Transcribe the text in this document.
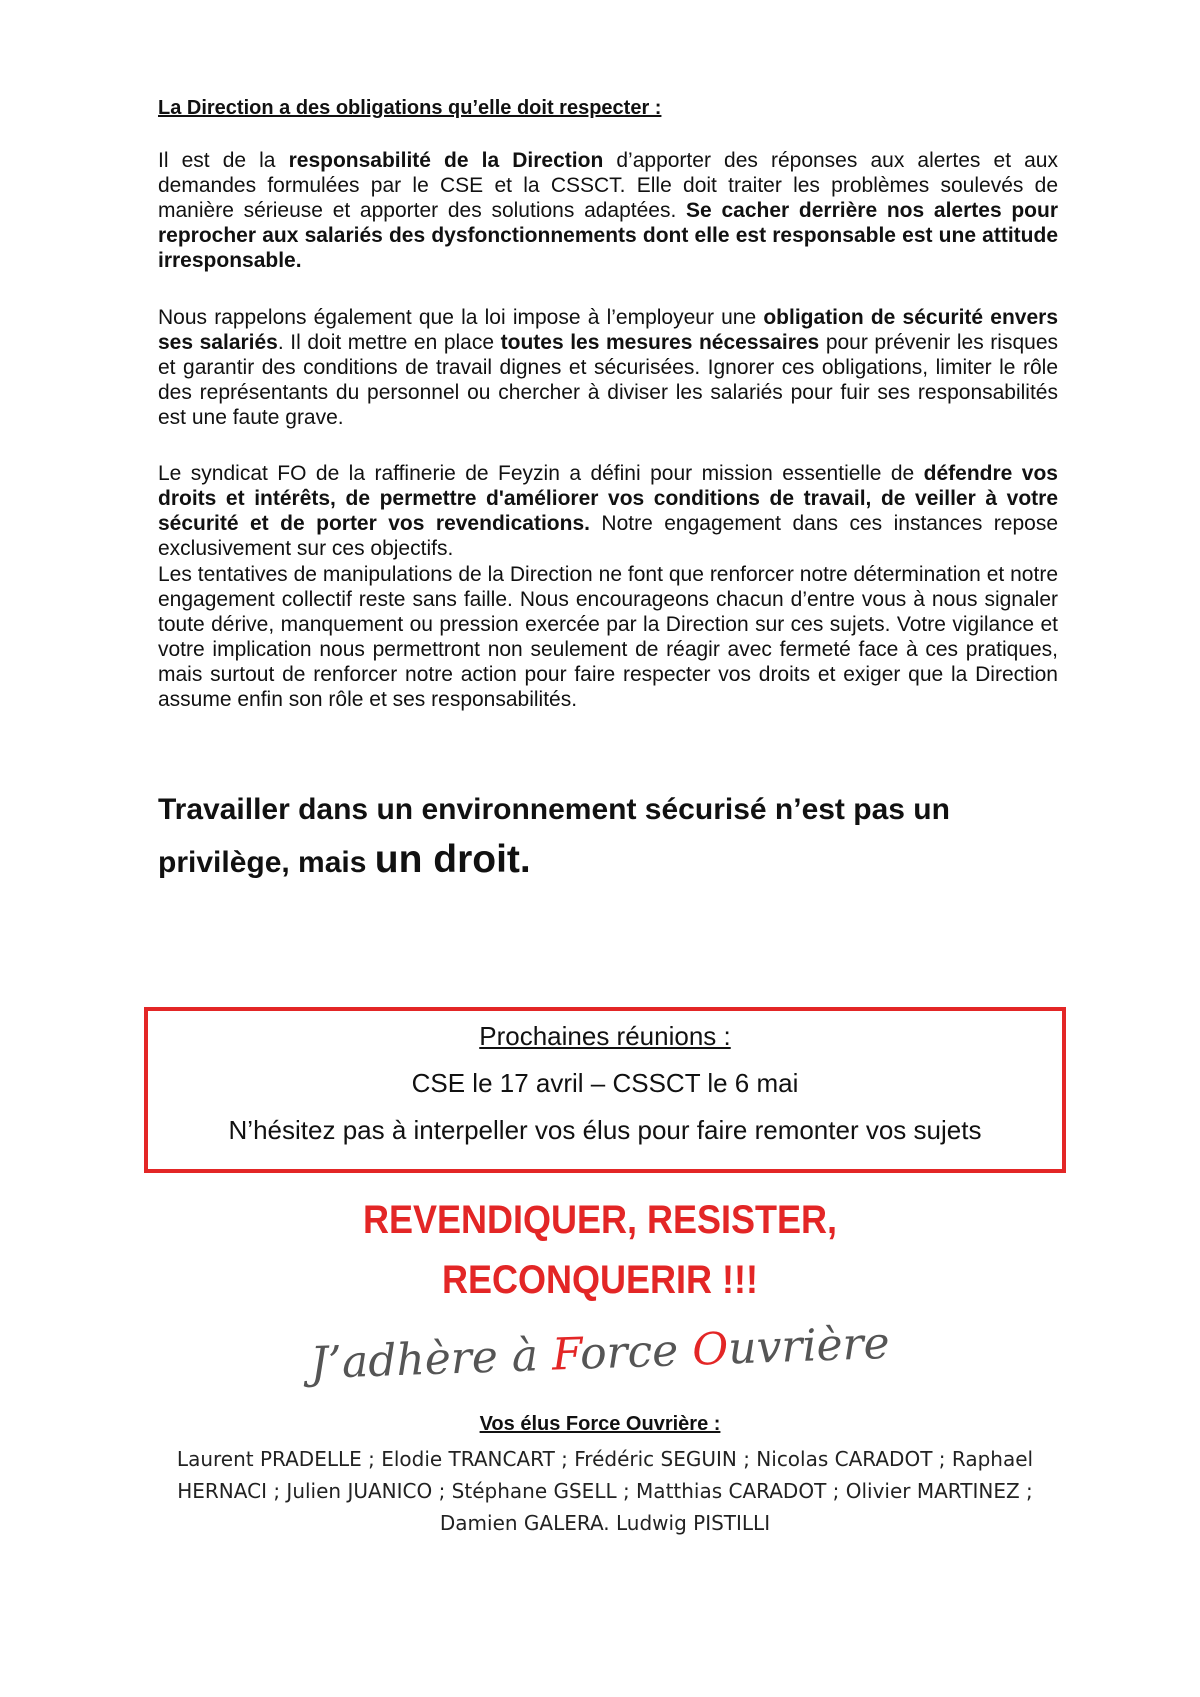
La Direction a des obligations qu’elle doit respecter :

Il est de la responsabilité de la Direction d’apporter des réponses aux alertes et aux demandes formulées par le CSE et la CSSCT. Elle doit traiter les problèmes soulevés de manière sérieuse et apporter des solutions adaptées. Se cacher derrière nos alertes pour reprocher aux salariés des dysfonctionnements dont elle est responsable est une attitude irresponsable.

Nous rappelons également que la loi impose à l’employeur une obligation de sécurité envers ses salariés. Il doit mettre en place toutes les mesures nécessaires pour prévenir les risques et garantir des conditions de travail dignes et sécurisées. Ignorer ces obligations, limiter le rôle des représentants du personnel ou chercher à diviser les salariés pour fuir ses responsabilités est une faute grave.

Le syndicat FO de la raffinerie de Feyzin a défini pour mission essentielle de défendre vos droits et intérêts, de permettre d'améliorer vos conditions de travail, de veiller à votre sécurité et de porter vos revendications. Notre engagement dans ces instances repose exclusivement sur ces objectifs.

Les tentatives de manipulations de la Direction ne font que renforcer notre détermination et notre engagement collectif reste sans faille. Nous encourageons chacun d’entre vous à nous signaler toute dérive, manquement ou pression exercée par la Direction sur ces sujets. Votre vigilance et votre implication nous permettront non seulement de réagir avec fermeté face à ces pratiques, mais surtout de renforcer notre action pour faire respecter vos droits et exiger que la Direction assume enfin son rôle et ses responsabilités.

Travailler dans un environnement sécurisé n’est pas un
privilège, mais un droit.

Prochaines réunions :

CSE le 17 avril – CSSCT le 6 mai

N’hésitez pas à interpeller vos élus pour faire remonter vos sujets

REVENDIQUER, RESISTER,

RECONQUERIR !!!

J’adhère à Force Ouvrière

Vos élus Force Ouvrière :

Laurent PRADELLE ; Elodie TRANCART ; Frédéric SEGUIN ; Nicolas CARADOT ; Raphael
HERNACI ; Julien JUANICO ; Stéphane GSELL ; Matthias CARADOT ; Olivier MARTINEZ ;
Damien GALERA. Ludwig PISTILLI
